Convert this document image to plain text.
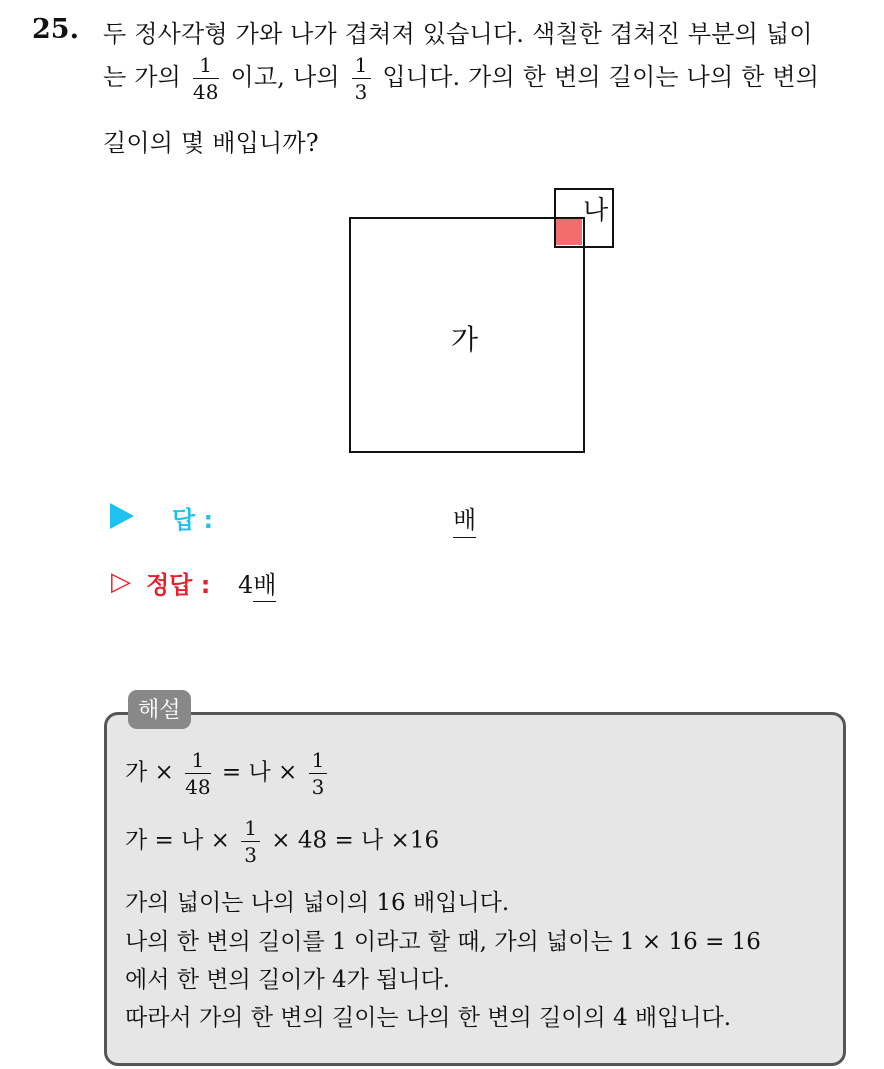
25. 두 정사각형 가와 나가 겹쳐져 있습니다. 색칠한 겹쳐진 부분의 넓이
는 가의 $\frac{1}{48}$ 이고, 나의 $\frac{1}{3}$ 입니다. 가의 한 변의 길이는 나의 한 변의
길이의 몇 배입니까?
가
나
답 :	배
▷ 정답 : 4배
해설
가 × $\frac{1}{48}$ = 나 × $\frac{1}{3}$
가 = 나 × $\frac{1}{3} \times 48$ = 나 ×16
가의 넓이는 나의 넓이의 16 배입니다.
나의 한 변의 길이를 1 이라고 할 때, 가의 넓이는 1 × 16 = 16
에서 한 변의 길이가 4가 됩니다.
따라서 가의 한 변의 길이는 나의 한 변의 길이의 4 배입니다.
